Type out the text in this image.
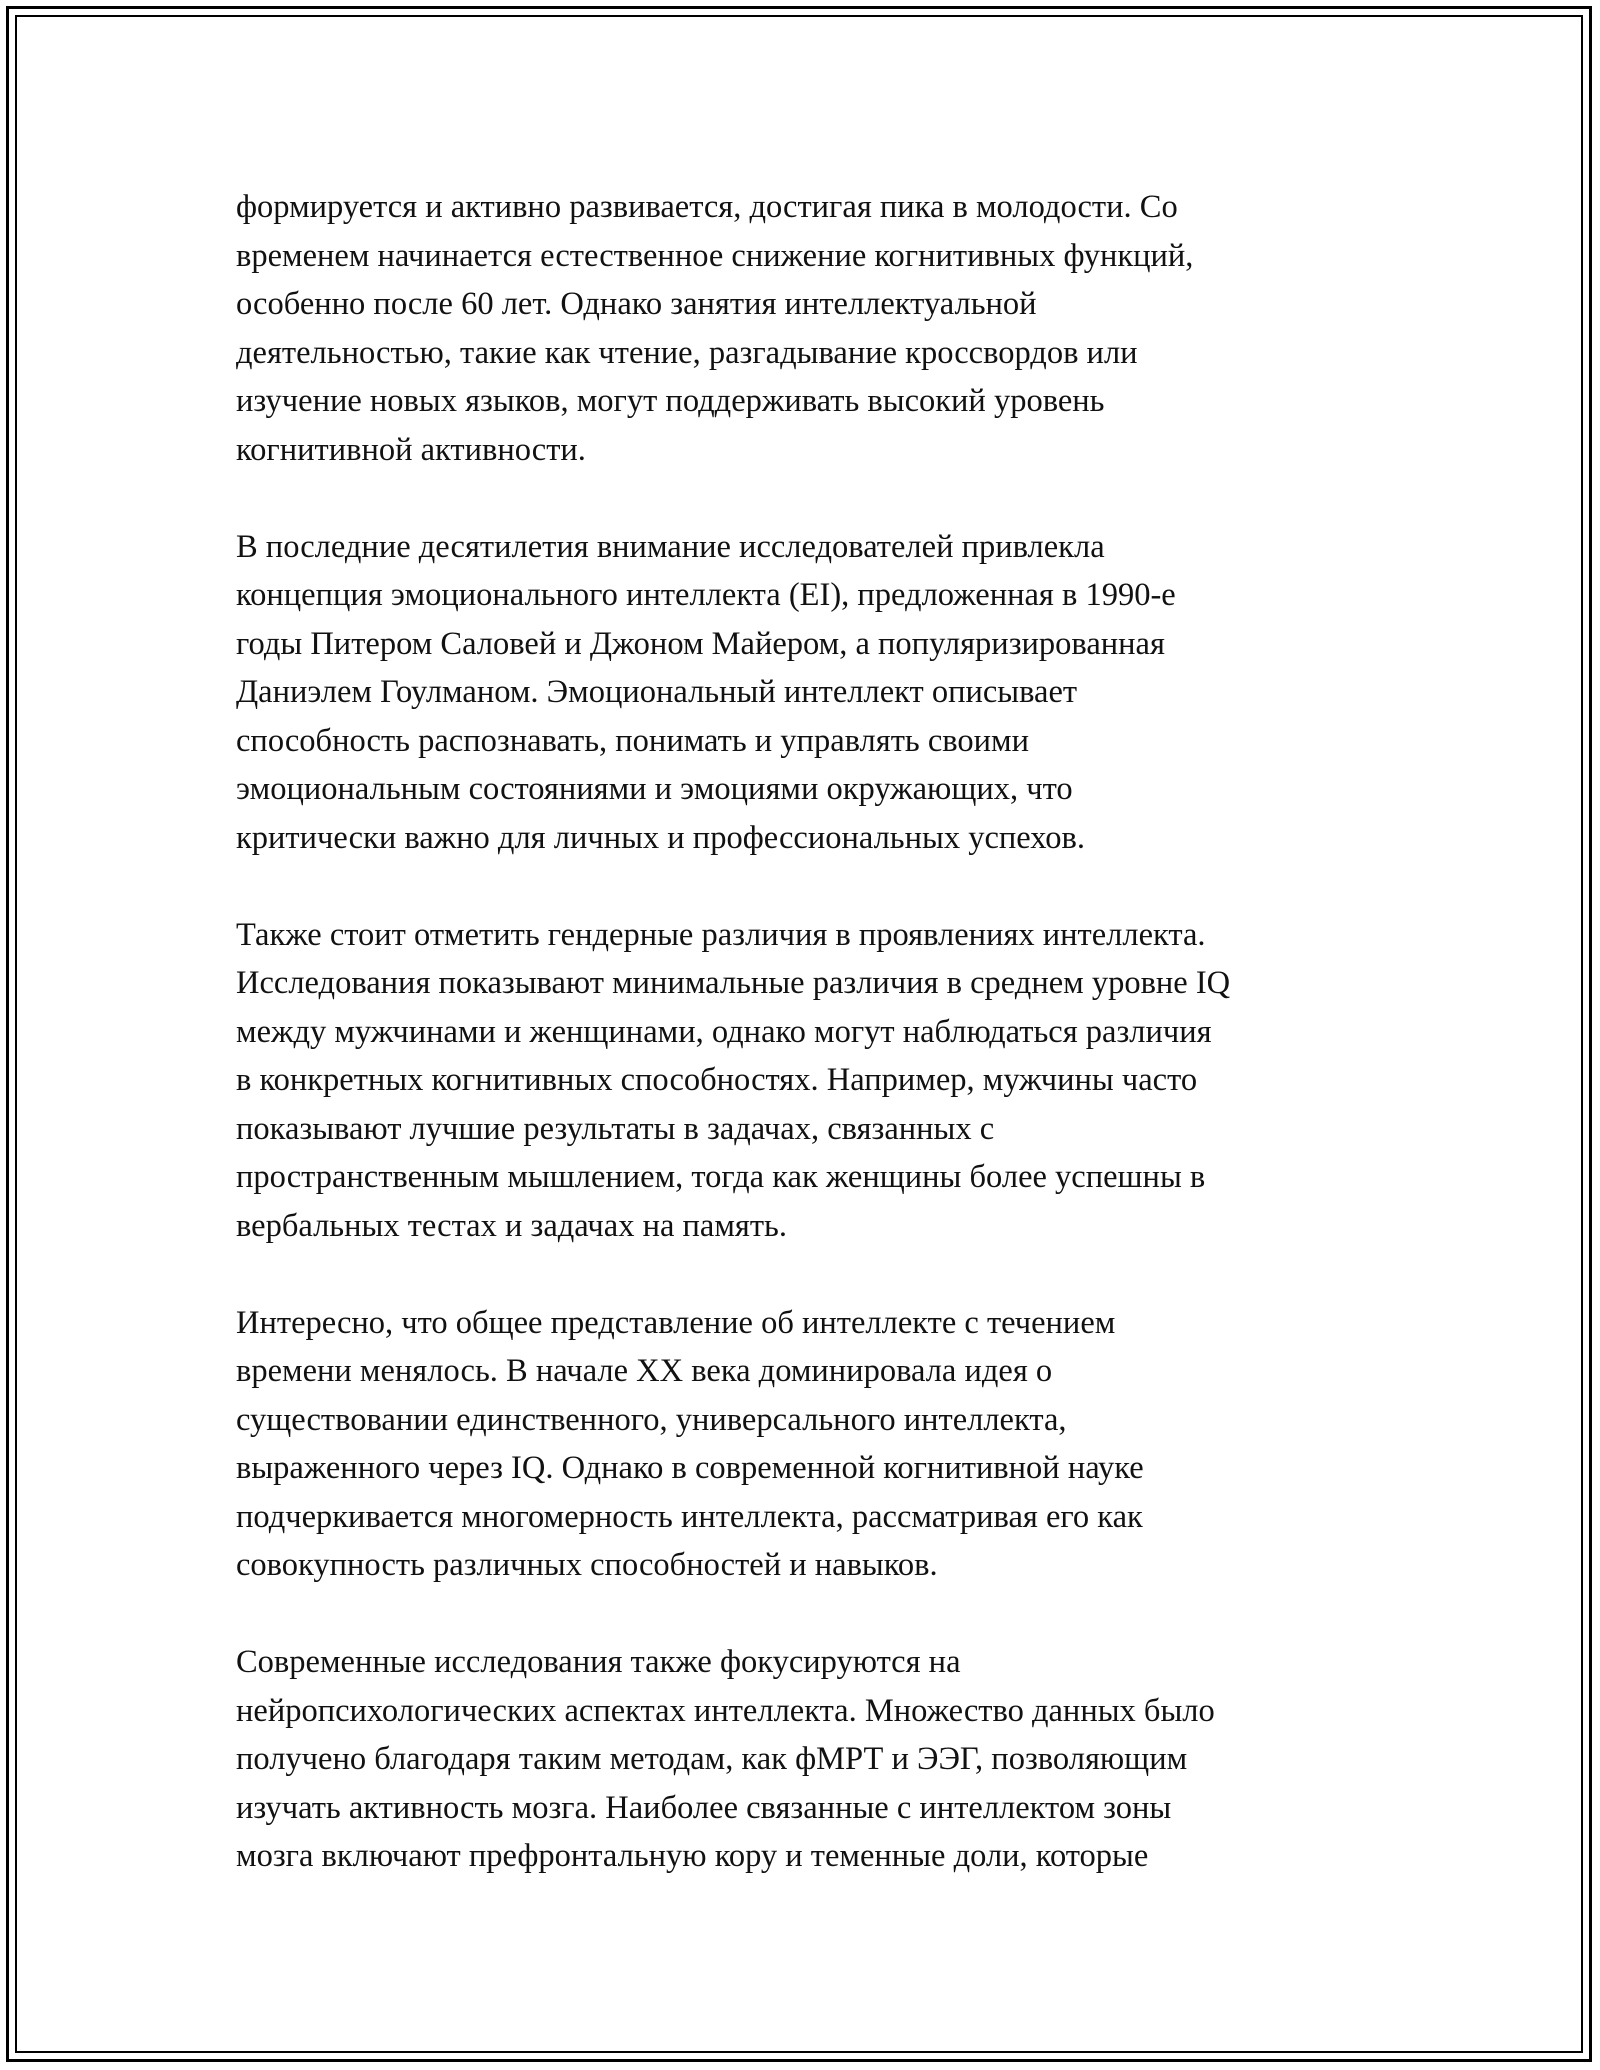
формируется и активно развивается, достигая пика в молодости. Со
временем начинается естественное снижение когнитивных функций,
особенно после 60 лет. Однако занятия интеллектуальной
деятельностью, такие как чтение, разгадывание кроссвордов или
изучение новых языков, могут поддерживать высокий уровень
когнитивной активности.
В последние десятилетия внимание исследователей привлекла
концепция эмоционального интеллекта (EI), предложенная в 1990-е
годы Питером Саловей и Джоном Майером, а популяризированная
Даниэлем Гоулманом. Эмоциональный интеллект описывает
способность распознавать, понимать и управлять своими
эмоциональным состояниями и эмоциями окружающих, что
критически важно для личных и профессиональных успехов.
Также стоит отметить гендерные различия в проявлениях интеллекта.
Исследования показывают минимальные различия в среднем уровне IQ
между мужчинами и женщинами, однако могут наблюдаться различия
в конкретных когнитивных способностях. Например, мужчины часто
показывают лучшие результаты в задачах, связанных с
пространственным мышлением, тогда как женщины более успешны в
вербальных тестах и задачах на память.
Интересно, что общее представление об интеллекте с течением
времени менялось. В начале XX века доминировала идея о
существовании единственного, универсального интеллекта,
выраженного через IQ. Однако в современной когнитивной науке
подчеркивается многомерность интеллекта, рассматривая его как
совокупность различных способностей и навыков.
Современные исследования также фокусируются на
нейропсихологических аспектах интеллекта. Множество данных было
получено благодаря таким методам, как фМРТ и ЭЭГ, позволяющим
изучать активность мозга. Наиболее связанные с интеллектом зоны
мозга включают префронтальную кору и теменные доли, которые
